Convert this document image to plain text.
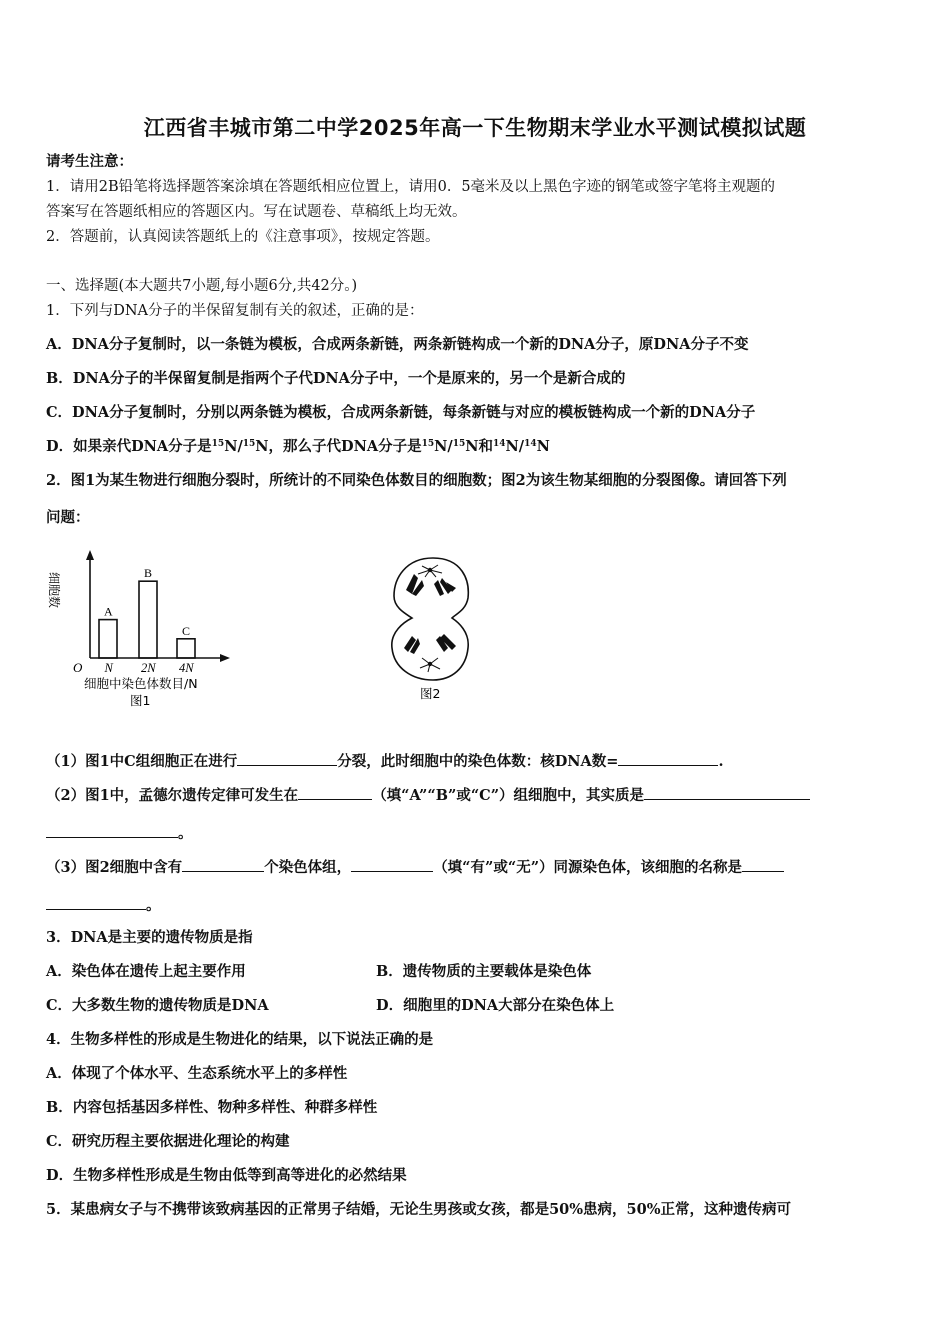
江西省丰城市第二中学2025年高一下生物期末学业水平测试模拟试题
请考生注意：
1．请用2B铅笔将选择题答案涂填在答题纸相应位置上，请用0．5毫米及以上黑色字迹的钢笔或签字笔将主观题的
答案写在答题纸相应的答题区内。写在试题卷、草稿纸上均无效。
2．答题前，认真阅读答题纸上的《注意事项》，按规定答题。
一、选择题(本大题共7小题,每小题6分,共42分。)
1．下列与DNA分子的半保留复制有关的叙述，正确的是：
A．DNA分子复制时，以一条链为模板，合成两条新链，两条新链构成一个新的DNA分子，原DNA分子不变
B．DNA分子的半保留复制是指两个子代DNA分子中，一个是原来的，另一个是新合成的
C．DNA分子复制时，分别以两条链为模板，合成两条新链，每条新链与对应的模板链构成一个新的DNA分子
D．如果亲代DNA分子是$^{15}$N/$^{15}$N，那么子代DNA分子是$^{15}$N/$^{15}$N和$^{14}$N/$^{14}$N
2．图1为某生物进行细胞分裂时，所统计的不同染色体数目的细胞数；图2为该生物某细胞的分裂图像。请回答下列
问题：
A
N
B
2N
C
4N
细胞数
O
细胞中染色体数目/N
图1	图2
（1）图1中C组细胞正在进行	分裂，此时细胞中的染色体数：核DNA数=	.
（2）图1中，孟德尔遗传定律可发生在	（填“A”“B”或“C”）组细胞中，其实质是
。
（3）图2细胞中含有	个染色体组，	（填“有”或“无”）同源染色体，该细胞的名称是
。
3．DNA是主要的遗传物质是指
A．染色体在遗传上起主要作用	B．遗传物质的主要载体是染色体
C．大多数生物的遗传物质是DNA	D．细胞里的DNA大部分在染色体上
4．生物多样性的形成是生物进化的结果，以下说法正确的是
A．体现了个体水平、生态系统水平上的多样性
B．内容包括基因多样性、物种多样性、种群多样性
C．研究历程主要依据进化理论的构建
D．生物多样性形成是生物由低等到高等进化的必然结果
5．某患病女子与不携带该致病基因的正常男子结婚，无论生男孩或女孩，都是50%患病，50%正常，这种遗传病可
